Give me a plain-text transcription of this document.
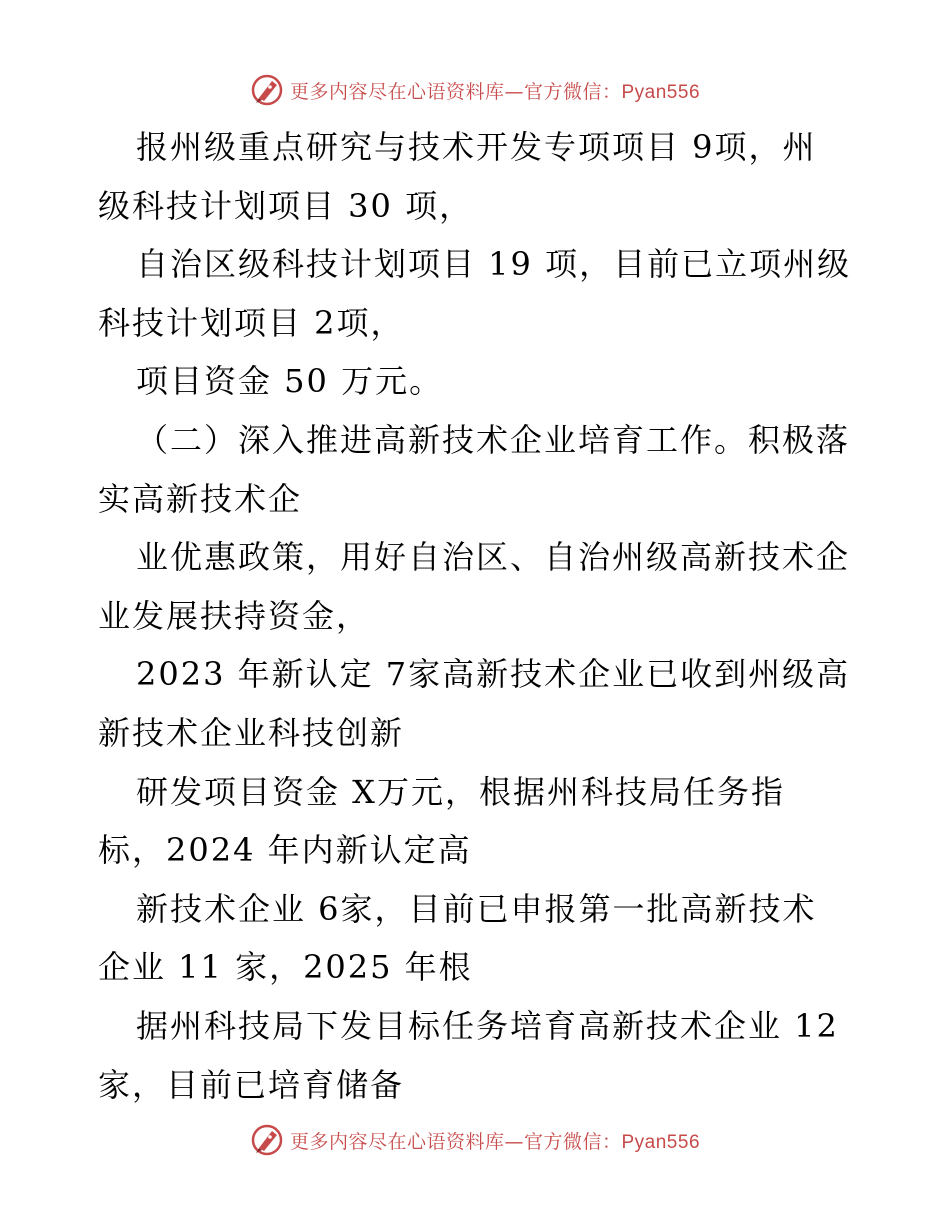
更多内容尽在心语资料库—官方微信：Pyan556
报州级重点研究与技术开发专项项目 9项，州
级科技计划项目 30 项，
自治区级科技计划项目 19 项，目前已立项州级
科技计划项目 2项，
项目资金 50 万元。
（二）深入推进高新技术企业培育工作。积极落
实高新技术企
业优惠政策，用好自治区、自治州级高新技术企
业发展扶持资金，
2023 年新认定 7家高新技术企业已收到州级高
新技术企业科技创新
研发项目资金 X万元，根据州科技局任务指
标，2024 年内新认定高
新技术企业 6家，目前已申报第一批高新技术
企业 11 家，2025 年根
据州科技局下发目标任务培育高新技术企业 12
家，目前已培育储备
更多内容尽在心语资料库—官方微信：Pyan556
